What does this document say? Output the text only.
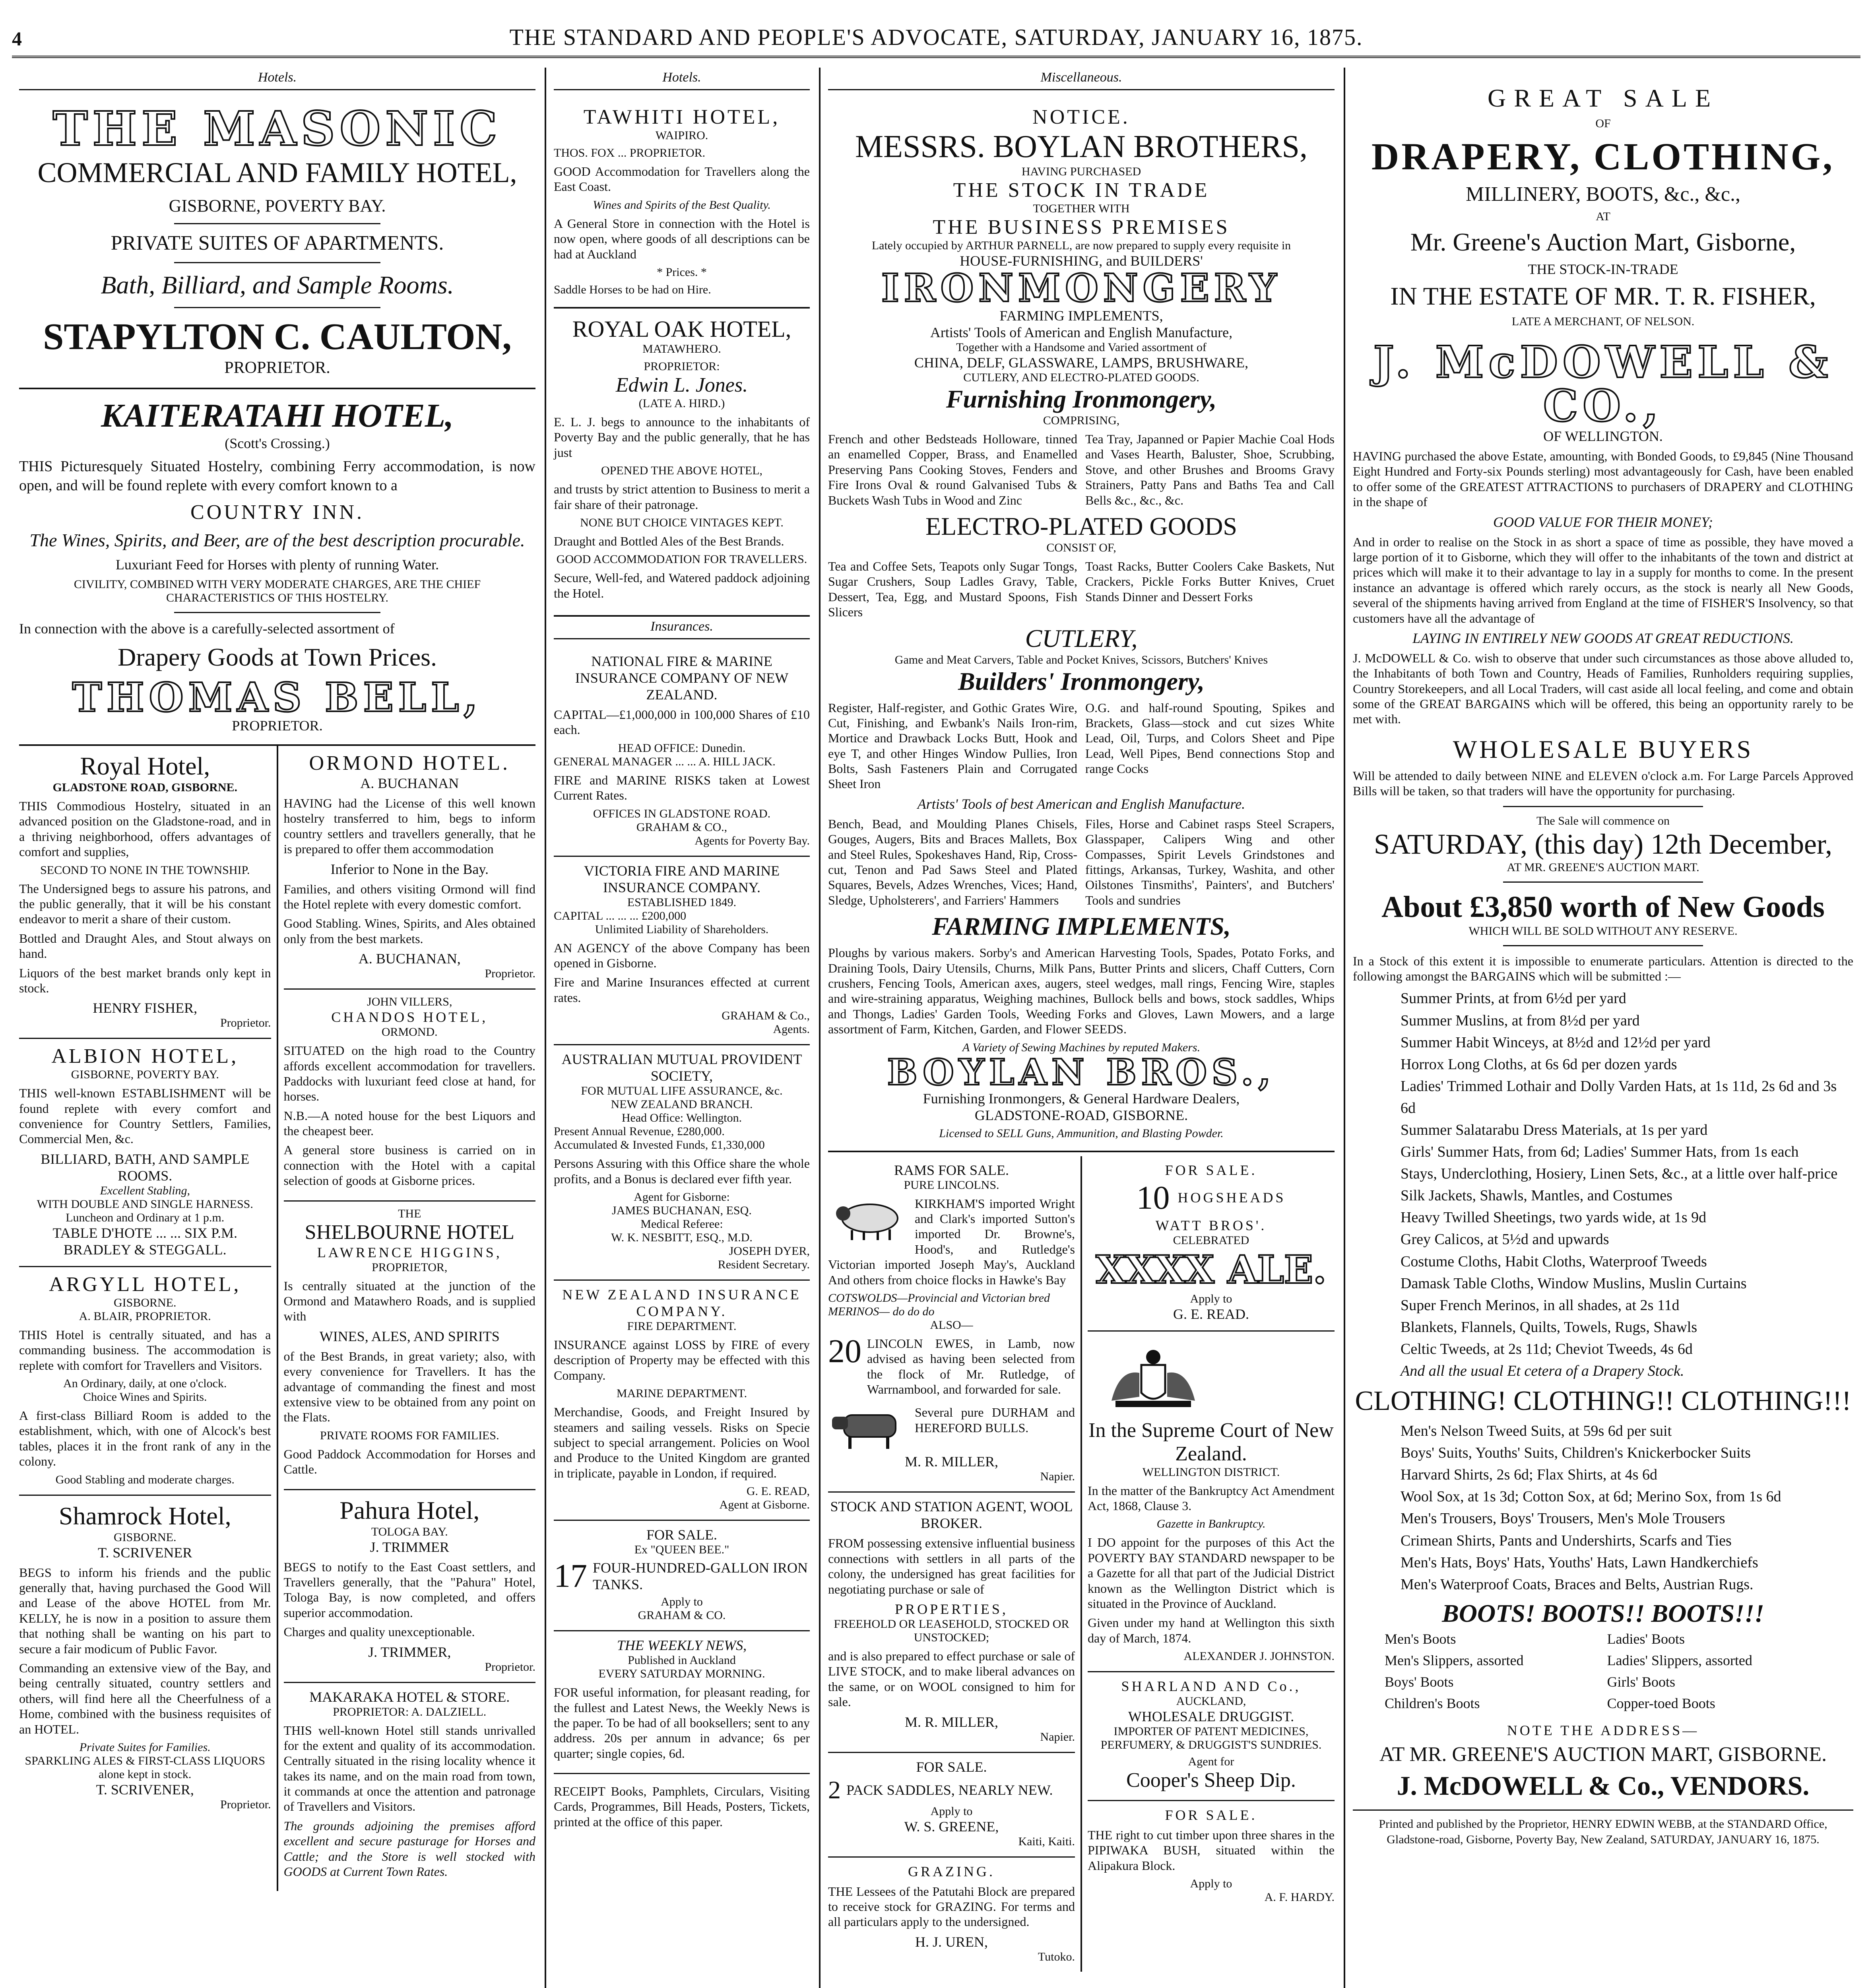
4	THE STANDARD AND PEOPLE'S ADVOCATE, SATURDAY, JANUARY 16, 1875.
Hotels.
THE MASONIC
COMMERCIAL AND FAMILY HOTEL,
GISBORNE, POVERTY BAY.
PRIVATE SUITES OF APARTMENTS.
Bath, Billiard, and Sample Rooms.
STAPYLTON C. CAULTON,
PROPRIETOR.
KAITERATAHI HOTEL,
(Scott's Crossing.)
THIS Picturesquely Situated Hostelry, combining Ferry accommodation, is now open, and will be found replete with every comfort known to a
COUNTRY INN.
The Wines, Spirits, and Beer, are of the best description procurable.
Luxuriant Feed for Horses with plenty of running Water.
CIVILITY, COMBINED WITH VERY MODERATE CHARGES, ARE THE CHIEF CHARACTERISTICS OF THIS HOSTELRY.
In connection with the above is a carefully-selected assortment of
Drapery Goods at Town Prices.
THOMAS BELL,
PROPRIETOR.
Royal Hotel,
GLADSTONE ROAD, GISBORNE.
THIS Commodious Hostelry, situated in an advanced position on the Gladstone-road, and in a thriving neighborhood, offers advantages of comfort and supplies,
SECOND TO NONE IN THE TOWNSHIP.
The Undersigned begs to assure his patrons, and the public generally, that it will be his constant endeavor to merit a share of their custom.
Bottled and Draught Ales, and Stout always on hand.
Liquors of the best market brands only kept in stock.
HENRY FISHER,
Proprietor.
ALBION HOTEL,
GISBORNE, POVERTY BAY.
THIS well-known ESTABLISHMENT will be found replete with every comfort and convenience for Country Settlers, Families, Commercial Men, &c.
BILLIARD, BATH, AND SAMPLE ROOMS.
Excellent Stabling,
WITH DOUBLE AND SINGLE HARNESS.
Luncheon and Ordinary at 1 p.m.
TABLE D'HOTE ... ... SIX P.M.
BRADLEY & STEGGALL.
ARGYLL HOTEL,
GISBORNE.
A. BLAIR, PROPRIETOR.
THIS Hotel is centrally situated, and has a commanding business. The accommodation is replete with comfort for Travellers and Visitors.
An Ordinary, daily, at one o'clock.
Choice Wines and Spirits.
A first-class Billiard Room is added to the establishment, which, with one of Alcock's best tables, places it in the front rank of any in the colony.
Good Stabling and moderate charges.
Shamrock Hotel,
GISBORNE.
T. SCRIVENER
BEGS to inform his friends and the public generally that, having purchased the Good Will and Lease of the above HOTEL from Mr. KELLY, he is now in a position to assure them that nothing shall be wanting on his part to secure a fair modicum of Public Favor.
Commanding an extensive view of the Bay, and being centrally situated, country settlers and others, will find here all the Cheerfulness of a Home, combined with the business requisites of an HOTEL.
Private Suites for Families.
SPARKLING ALES & FIRST-CLASS LIQUORS alone kept in stock.
T. SCRIVENER,
Proprietor.
ORMOND HOTEL.
A. BUCHANAN
HAVING had the License of this well known hostelry transferred to him, begs to inform country settlers and travellers generally, that he is prepared to offer them accommodation
Inferior to None in the Bay.
Families, and others visiting Ormond will find the Hotel replete with every domestic comfort.
Good Stabling. Wines, Spirits, and Ales obtained only from the best markets.
A. BUCHANAN,
Proprietor.
JOHN VILLERS,
CHANDOS HOTEL,
ORMOND.
SITUATED on the high road to the Country affords excellent accommodation for travellers. Paddocks with luxuriant feed close at hand, for horses.
N.B.—A noted house for the best Liquors and the cheapest beer.
A general store business is carried on in connection with the Hotel with a capital selection of goods at Gisborne prices.
THE
SHELBOURNE HOTEL
LAWRENCE HIGGINS,
PROPRIETOR,
Is centrally situated at the junction of the Ormond and Matawhero Roads, and is supplied with
WINES, ALES, AND SPIRITS
of the Best Brands, in great variety; also, with every convenience for Travellers. It has the advantage of commanding the finest and most extensive view to be obtained from any point on the Flats.
PRIVATE ROOMS FOR FAMILIES.
Good Paddock Accommodation for Horses and Cattle.
Pahura Hotel,
TOLOGA BAY.
J. TRIMMER
BEGS to notify to the East Coast settlers, and Travellers generally, that the "Pahura" Hotel, Tologa Bay, is now completed, and offers superior accommodation.
Charges and quality unexceptionable.
J. TRIMMER,
Proprietor.
MAKARAKA HOTEL & STORE.
PROPRIETOR: A. DALZIELL.
THIS well-known Hotel still stands unrivalled for the extent and quality of its accommodation. Centrally situated in the rising locality whence it takes its name, and on the main road from town, it commands at once the attention and patronage of Travellers and Visitors.
The grounds adjoining the premises afford excellent and secure pasturage for Horses and Cattle; and the Store is well stocked with GOODS at Current Town Rates.
Hotels.
TAWHITI HOTEL,
WAIPIRO.
THOS. FOX ... PROPRIETOR.
GOOD Accommodation for Travellers along the East Coast.
Wines and Spirits of the Best Quality.
A General Store in connection with the Hotel is now open, where goods of all descriptions can be had at Auckland
* Prices. *
Saddle Horses to be had on Hire.
ROYAL OAK HOTEL,
MATAWHERO.
PROPRIETOR:
Edwin L. Jones.
(LATE A. HIRD.)
E. L. J. begs to announce to the inhabitants of Poverty Bay and the public generally, that he has just
OPENED THE ABOVE HOTEL,
and trusts by strict attention to Business to merit a fair share of their patronage.
NONE BUT CHOICE VINTAGES KEPT.
Draught and Bottled Ales of the Best Brands.
GOOD ACCOMMODATION FOR TRAVELLERS.
Secure, Well-fed, and Watered paddock adjoining the Hotel.
Insurances.
NATIONAL FIRE & MARINE INSURANCE COMPANY OF NEW ZEALAND.
CAPITAL—£1,000,000 in 100,000 Shares of £10 each.
HEAD OFFICE: Dunedin.
GENERAL MANAGER ... ... A. HILL JACK.
FIRE and MARINE RISKS taken at Lowest Current Rates.
OFFICES IN GLADSTONE ROAD.
GRAHAM & CO.,
Agents for Poverty Bay.
VICTORIA FIRE AND MARINE INSURANCE COMPANY.
ESTABLISHED 1849.
CAPITAL ... ... ... £200,000
Unlimited Liability of Shareholders.
AN AGENCY of the above Company has been opened in Gisborne.
Fire and Marine Insurances effected at current rates.
GRAHAM & Co.,
Agents.
AUSTRALIAN MUTUAL PROVIDENT SOCIETY,
FOR MUTUAL LIFE ASSURANCE, &c.
NEW ZEALAND BRANCH.
Head Office: Wellington.
Present Annual Revenue, £280,000.
Accumulated & Invested Funds, £1,330,000
Persons Assuring with this Office share the whole profits, and a Bonus is declared ever fifth year.
Agent for Gisborne:
JAMES BUCHANAN, ESQ.
Medical Referee:
W. K. NESBITT, ESQ., M.D.
JOSEPH DYER,
Resident Secretary.
NEW ZEALAND INSURANCE COMPANY.
FIRE DEPARTMENT.
INSURANCE against LOSS by FIRE of every description of Property may be effected with this Company.
MARINE DEPARTMENT.
Merchandise, Goods, and Freight Insured by steamers and sailing vessels. Risks on Specie subject to special arrangement. Policies on Wool and Produce to the United Kingdom are granted in triplicate, payable in London, if required.
G. E. READ,
Agent at Gisborne.
FOR SALE.
Ex "QUEEN BEE."
17 FOUR-HUNDRED-GALLON IRON TANKS.
Apply to
GRAHAM & CO.
THE WEEKLY NEWS,
Published in Auckland
EVERY SATURDAY MORNING.
FOR useful information, for pleasant reading, for the fullest and Latest News, the Weekly News is the paper. To be had of all booksellers; sent to any address. 20s per annum in advance; 6s per quarter; single copies, 6d.
RECEIPT Books, Pamphlets, Circulars, Visiting Cards, Programmes, Bill Heads, Posters, Tickets, printed at the office of this paper.
Miscellaneous.
NOTICE.
MESSRS. BOYLAN BROTHERS,
HAVING PURCHASED
THE STOCK IN TRADE
TOGETHER WITH
THE BUSINESS PREMISES
Lately occupied by ARTHUR PARNELL, are now prepared to supply every requisite in
HOUSE-FURNISHING, and BUILDERS'
IRONMONGERY
FARMING IMPLEMENTS,
Artists' Tools of American and English Manufacture,
Together with a Handsome and Varied assortment of
CHINA, DELF, GLASSWARE, LAMPS, BRUSHWARE,
CUTLERY, AND ELECTRO-PLATED GOODS.
Furnishing Ironmongery,
COMPRISING,
French and other Bedsteads Holloware, tinned an enamelled Copper, Brass, and Enamelled Preserving Pans Cooking Stoves, Fenders and Fire Irons Oval & round Galvanised Tubs & Buckets Wash Tubs in Wood and Zinc
Tea Tray, Japanned or Papier Machie Coal Hods and Vases Hearth, Baluster, Shoe, Scrubbing, Stove, and other Brushes and Brooms Gravy Strainers, Patty Pans and Baths Tea and Call Bells &c., &c., &c.
ELECTRO-PLATED GOODS
CONSIST OF,
Tea and Coffee Sets, Teapots only Sugar Tongs, Sugar Crushers, Soup Ladles Gravy, Table, Dessert, Tea, Egg, and Mustard Spoons, Fish Slicers
Toast Racks, Butter Coolers Cake Baskets, Nut Crackers, Pickle Forks Butter Knives, Cruet Stands Dinner and Dessert Forks
CUTLERY,
Game and Meat Carvers, Table and Pocket Knives, Scissors, Butchers' Knives
Builders' Ironmongery,
Register, Half-register, and Gothic Grates Wire, Cut, Finishing, and Ewbank's Nails Iron-rim, Mortice and Drawback Locks Butt, Hook and eye T, and other Hinges Window Pullies, Iron Bolts, Sash Fasteners Plain and Corrugated Sheet Iron
O.G. and half-round Spouting, Spikes and Brackets, Glass—stock and cut sizes White Lead, Oil, Turps, and Colors Sheet and Pipe Lead, Well Pipes, Bend connections Stop and range Cocks
Artists' Tools of best American and English Manufacture.
Bench, Bead, and Moulding Planes Chisels, Gouges, Augers, Bits and Braces Mallets, Box and Steel Rules, Spokeshaves Hand, Rip, Cross-cut, Tenon and Pad Saws Steel and Plated Squares, Bevels, Adzes Wrenches, Vices; Hand, Sledge, Upholsterers', and Farriers' Hammers
Files, Horse and Cabinet rasps Steel Scrapers, Glasspaper, Calipers Wing and other Compasses, Spirit Levels Grindstones and fittings, Arkansas, Turkey, Washita, and other Oilstones Tinsmiths', Painters', and Butchers' Tools and sundries
FARMING IMPLEMENTS,
Ploughs by various makers. Sorby's and American Harvesting Tools, Spades, Potato Forks, and Draining Tools, Dairy Utensils, Churns, Milk Pans, Butter Prints and slicers, Chaff Cutters, Corn crushers, Fencing Tools, American axes, augers, steel wedges, mall rings, Fencing Wire, staples and wire-straining apparatus, Weighing machines, Bullock bells and bows, stock saddles, Whips and Thongs, Ladies' Garden Tools, Weeding Forks and Gloves, Lawn Mowers, and a large assortment of Farm, Kitchen, Garden, and Flower SEEDS.
A Variety of Sewing Machines by reputed Makers.
BOYLAN BROS.,
Furnishing Ironmongers, & General Hardware Dealers,
GLADSTONE-ROAD, GISBORNE.
Licensed to SELL Guns, Ammunition, and Blasting Powder.
RAMS FOR SALE.
PURE LINCOLNS.
KIRKHAM'S imported Wright and Clark's imported Sutton's imported Dr. Browne's, Hood's, and Rutledge's Victorian imported Joseph May's, Auckland And others from choice flocks in Hawke's Bay
COTSWOLDS—Provincial and Victorian bred
MERINOS— do do do
ALSO—
20 LINCOLN EWES, in Lamb, now advised as having been selected from the flock of Mr. Rutledge, of Warrnambool, and forwarded for sale.
Several pure DURHAM and HEREFORD BULLS.
M. R. MILLER,
Napier.
STOCK AND STATION AGENT, WOOL BROKER.
FROM possessing extensive influential business connections with settlers in all parts of the colony, the undersigned has great facilities for negotiating purchase or sale of
PROPERTIES,
FREEHOLD OR LEASEHOLD, STOCKED OR UNSTOCKED;
and is also prepared to effect purchase or sale of LIVE STOCK, and to make liberal advances on the same, or on WOOL consigned to him for sale.
M. R. MILLER,
Napier.
FOR SALE.
2 PACK SADDLES, NEARLY NEW.
Apply to
W. S. GREENE,
Kaiti, Kaiti.
GRAZING.
THE Lessees of the Patutahi Block are prepared to receive stock for GRAZING. For terms and all particulars apply to the undersigned.
H. J. UREN,
Tutoko.
FOR SALE.
10 HOGSHEADS
WATT BROS'.
CELEBRATED
XXXX ALE.
Apply to
G. E. READ.
In the Supreme Court of New Zealand.
WELLINGTON DISTRICT.
In the matter of the Bankruptcy Act Amendment Act, 1868, Clause 3.
Gazette in Bankruptcy.
I DO appoint for the purposes of this Act the POVERTY BAY STANDARD newspaper to be a Gazette for all that part of the Judicial District known as the Wellington District which is situated in the Province of Auckland.
Given under my hand at Wellington this sixth day of March, 1874.
ALEXANDER J. JOHNSTON.
SHARLAND AND Co.,
AUCKLAND,
WHOLESALE DRUGGIST.
IMPORTER OF PATENT MEDICINES, PERFUMERY, & DRUGGIST'S SUNDRIES.
Agent for
Cooper's Sheep Dip.
FOR SALE.
THE right to cut timber upon three shares in the PIPIWAKA BUSH, situated within the Alipakura Block.
Apply to
A. F. HARDY.
GREAT SALE
OF
DRAPERY, CLOTHING,
MILLINERY, BOOTS, &c., &c.,
AT
Mr. Greene's Auction Mart, Gisborne,
THE STOCK-IN-TRADE
IN THE ESTATE OF MR. T. R. FISHER,
LATE A MERCHANT, OF NELSON.
J. McDOWELL & CO.,
OF WELLINGTON.
HAVING purchased the above Estate, amounting, with Bonded Goods, to £9,845 (Nine Thousand Eight Hundred and Forty-six Pounds sterling) most advantageously for Cash, have been enabled to offer some of the GREATEST ATTRACTIONS to purchasers of DRAPERY and CLOTHING in the shape of
GOOD VALUE FOR THEIR MONEY;
And in order to realise on the Stock in as short a space of time as possible, they have moved a large portion of it to Gisborne, which they will offer to the inhabitants of the town and district at prices which will make it to their advantage to lay in a supply for months to come. In the present instance an advantage is offered which rarely occurs, as the stock is nearly all New Goods, several of the shipments having arrived from England at the time of FISHER'S Insolvency, so that customers have all the advantage of
LAYING IN ENTIRELY NEW GOODS AT GREAT REDUCTIONS.
J. McDOWELL & Co. wish to observe that under such circumstances as those above alluded to, the Inhabitants of both Town and Country, Heads of Families, Runholders requiring supplies, Country Storekeepers, and all Local Traders, will cast aside all local feeling, and come and obtain some of the GREAT BARGAINS which will be offered, this being an opportunity rarely to be met with.
WHOLESALE BUYERS
Will be attended to daily between NINE and ELEVEN o'clock a.m. For Large Parcels Approved Bills will be taken, so that traders will have the opportunity for purchasing.
The Sale will commence on
SATURDAY, (this day) 12th December,
AT MR. GREENE'S AUCTION MART.
About £3,850 worth of New Goods
WHICH WILL BE SOLD WITHOUT ANY RESERVE.
In a Stock of this extent it is impossible to enumerate particulars. Attention is directed to the following amongst the BARGAINS which will be submitted :—
Summer Prints, at from 6½d per yard
Summer Muslins, at from 8½d per yard
Summer Habit Winceys, at 8½d and 12½d per yard
Horrox Long Cloths, at 6s 6d per dozen yards
Ladies' Trimmed Lothair and Dolly Varden Hats, at 1s 11d, 2s 6d and 3s 6d
Summer Salatarabu Dress Materials, at 1s per yard
Girls' Summer Hats, from 6d; Ladies' Summer Hats, from 1s each
Stays, Underclothing, Hosiery, Linen Sets, &c., at a little over half-price
Silk Jackets, Shawls, Mantles, and Costumes
Heavy Twilled Sheetings, two yards wide, at 1s 9d
Grey Calicos, at 5½d and upwards
Costume Cloths, Habit Cloths, Waterproof Tweeds
Damask Table Cloths, Window Muslins, Muslin Curtains
Super French Merinos, in all shades, at 2s 11d
Blankets, Flannels, Quilts, Towels, Rugs, Shawls
Celtic Tweeds, at 2s 11d; Cheviot Tweeds, 4s 6d
And all the usual Et cetera of a Drapery Stock.
CLOTHING! CLOTHING!! CLOTHING!!!
Men's Nelson Tweed Suits, at 59s 6d per suit
Boys' Suits, Youths' Suits, Children's Knickerbocker Suits
Harvard Shirts, 2s 6d; Flax Shirts, at 4s 6d
Wool Sox, at 1s 3d; Cotton Sox, at 6d; Merino Sox, from 1s 6d
Men's Trousers, Boys' Trousers, Men's Mole Trousers
Crimean Shirts, Pants and Undershirts, Scarfs and Ties
Men's Hats, Boys' Hats, Youths' Hats, Lawn Handkerchiefs
Men's Waterproof Coats, Braces and Belts, Austrian Rugs.
BOOTS! BOOTS!! BOOTS!!!
Men's Boots
Men's Slippers, assorted
Boys' Boots
Children's Boots
Ladies' Boots
Ladies' Slippers, assorted
Girls' Boots
Copper-toed Boots
NOTE THE ADDRESS—
AT MR. GREENE'S AUCTION MART, GISBORNE.
J. McDOWELL & Co., VENDORS.
Printed and published by the Proprietor, HENRY EDWIN WEBB, at the STANDARD Office, Gladstone-road, Gisborne, Poverty Bay, New Zealand, SATURDAY, JANUARY 16, 1875.
